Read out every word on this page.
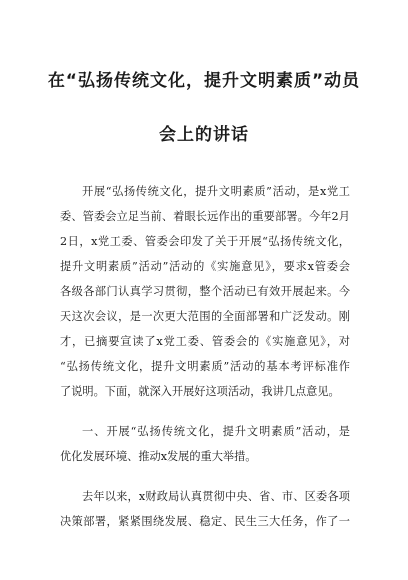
在“弘扬传统文化，提升文明素质”动员
会上的讲话
开展“弘扬传统文化，提升文明素质”活动，是x党工
委、管委会立足当前、着眼长远作出的重要部署。今年2月
2日，x党工委、管委会印发了关于开展“弘扬传统文化，
提升文明素质”活动”活动的《实施意见》，要求x管委会
各级各部门认真学习贯彻，整个活动已有效开展起来。今
天这次会议，是一次更大范围的全面部署和广泛发动。刚
才，已摘要宣读了x党工委、管委会的《实施意见》，对
“弘扬传统文化，提升文明素质”活动的基本考评标准作
了说明。下面，就深入开展好这项活动，我讲几点意见。
一、开展“弘扬传统文化，提升文明素质”活动，是
优化发展环境、推动x发展的重大举措。
去年以来，x财政局认真贯彻中央、省、市、区委各项
决策部署，紧紧围绕发展、稳定、民生三大任务，作了一
